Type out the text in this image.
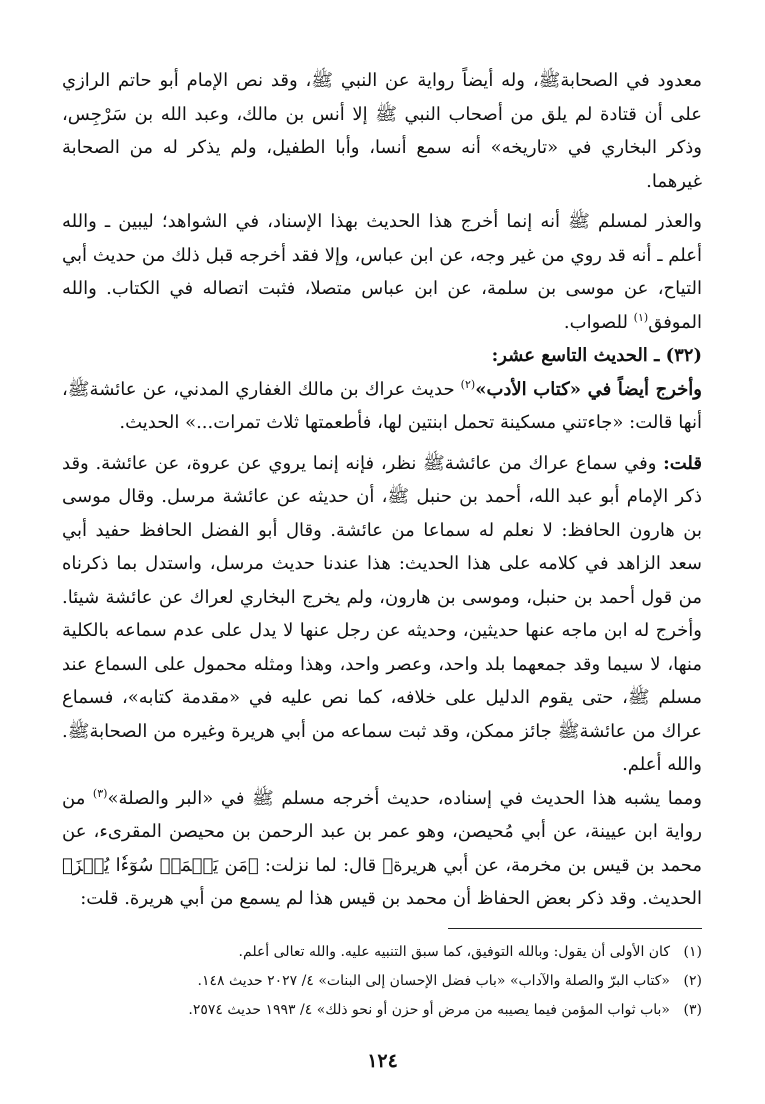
معدود في الصحابةﷺ، وله أيضاً رواية عن النبي ﷺ، وقد نص الإمام أبو حاتم الرازي على أن قتادة لم يلق من أصحاب النبي ﷺ إلا أنس بن مالك، وعبد الله بن سَرْجِس، وذكر البخاري في «تاريخه» أنه سمع أنسا، وأبا الطفيل، ولم يذكر له من الصحابة غيرهما.

والعذر لمسلم ﷺ أنه إنما أخرج هذا الحديث بهذا الإسناد، في الشواهد؛ ليبين ـ والله أعلم ـ أنه قد روي من غير وجه، عن ابن عباس، وإلا فقد أخرجه قبل ذلك من حديث أبي التياح، عن موسى بن سلمة، عن ابن عباس متصلا، فثبت اتصاله في الكتاب. والله الموفق$^{(١)}$ للصواب.

(٣٢) ـ الحديث التاسع عشر:

وأخرج أيضاً في «كتاب الأدب»$^{(٢)}$ حديث عراك بن مالك الغفاري المدني، عن عائشةﷺ، أنها قالت: «جاءتني مسكينة تحمل ابنتين لها، فأطعمتها ثلاث تمرات...» الحديث.

قلت: وفي سماع عراك من عائشةﷺ نظر، فإنه إنما يروي عن عروة، عن عائشة. وقد ذكر الإمام أبو عبد الله، أحمد بن حنبل ﷺ، أن حديثه عن عائشة مرسل. وقال موسى بن هارون الحافظ: لا نعلم له سماعا من عائشة. وقال أبو الفضل الحافظ حفيد أبي سعد الزاهد في كلامه على هذا الحديث: هذا عندنا حديث مرسل، واستدل بما ذكرناه من قول أحمد بن حنبل، وموسى بن هارون، ولم يخرج البخاري لعراك عن عائشة شيئا. وأخرج له ابن ماجه عنها حديثين، وحديثه عن رجل عنها لا يدل على عدم سماعه بالكلية منها، لا سيما وقد جمعهما بلد واحد، وعصر واحد، وهذا ومثله محمول على السماع عند مسلم ﷺ، حتى يقوم الدليل على خلافه، كما نص عليه في «مقدمة كتابه»، فسماع عراك من عائشةﷺ جائز ممكن، وقد ثبت سماعه من أبي هريرة وغيره من الصحابةﷺ. والله أعلم.

ومما يشبه هذا الحديث في إسناده، حديث أخرجه مسلم ﷺ في «البر والصلة»$^{(٣)}$ من رواية ابن عيينة، عن أبي مُحيصن، وهو عمر بن عبد الرحمن بن محيصن المقرىء، عن محمد بن قيس بن مخرمة، عن أبي هريرةﷺ قال: لما نزلت: ﴿مَن يَعۡمَلۡ سُوٓءٗا يُجۡزَ﴾ الحديث. وقد ذكر بعض الحفاظ أن محمد بن قيس هذا لم يسمع من أبي هريرة. قلت:

(١)كان الأولى أن يقول: وبالله التوفيق، كما سبق التنبيه عليه. والله تعالى أعلم.

(٢)«كتاب البرّ والصلة والآداب» «باب فضل الإحسان إلى البنات» ٤/ ٢٠٢٧ حديث ١٤٨.

(٣)«باب ثواب المؤمن فيما يصيبه من مرض أو حزن أو نحو ذلك» ٤/ ١٩٩٣ حديث ٢٥٧٤.

١٢٤
